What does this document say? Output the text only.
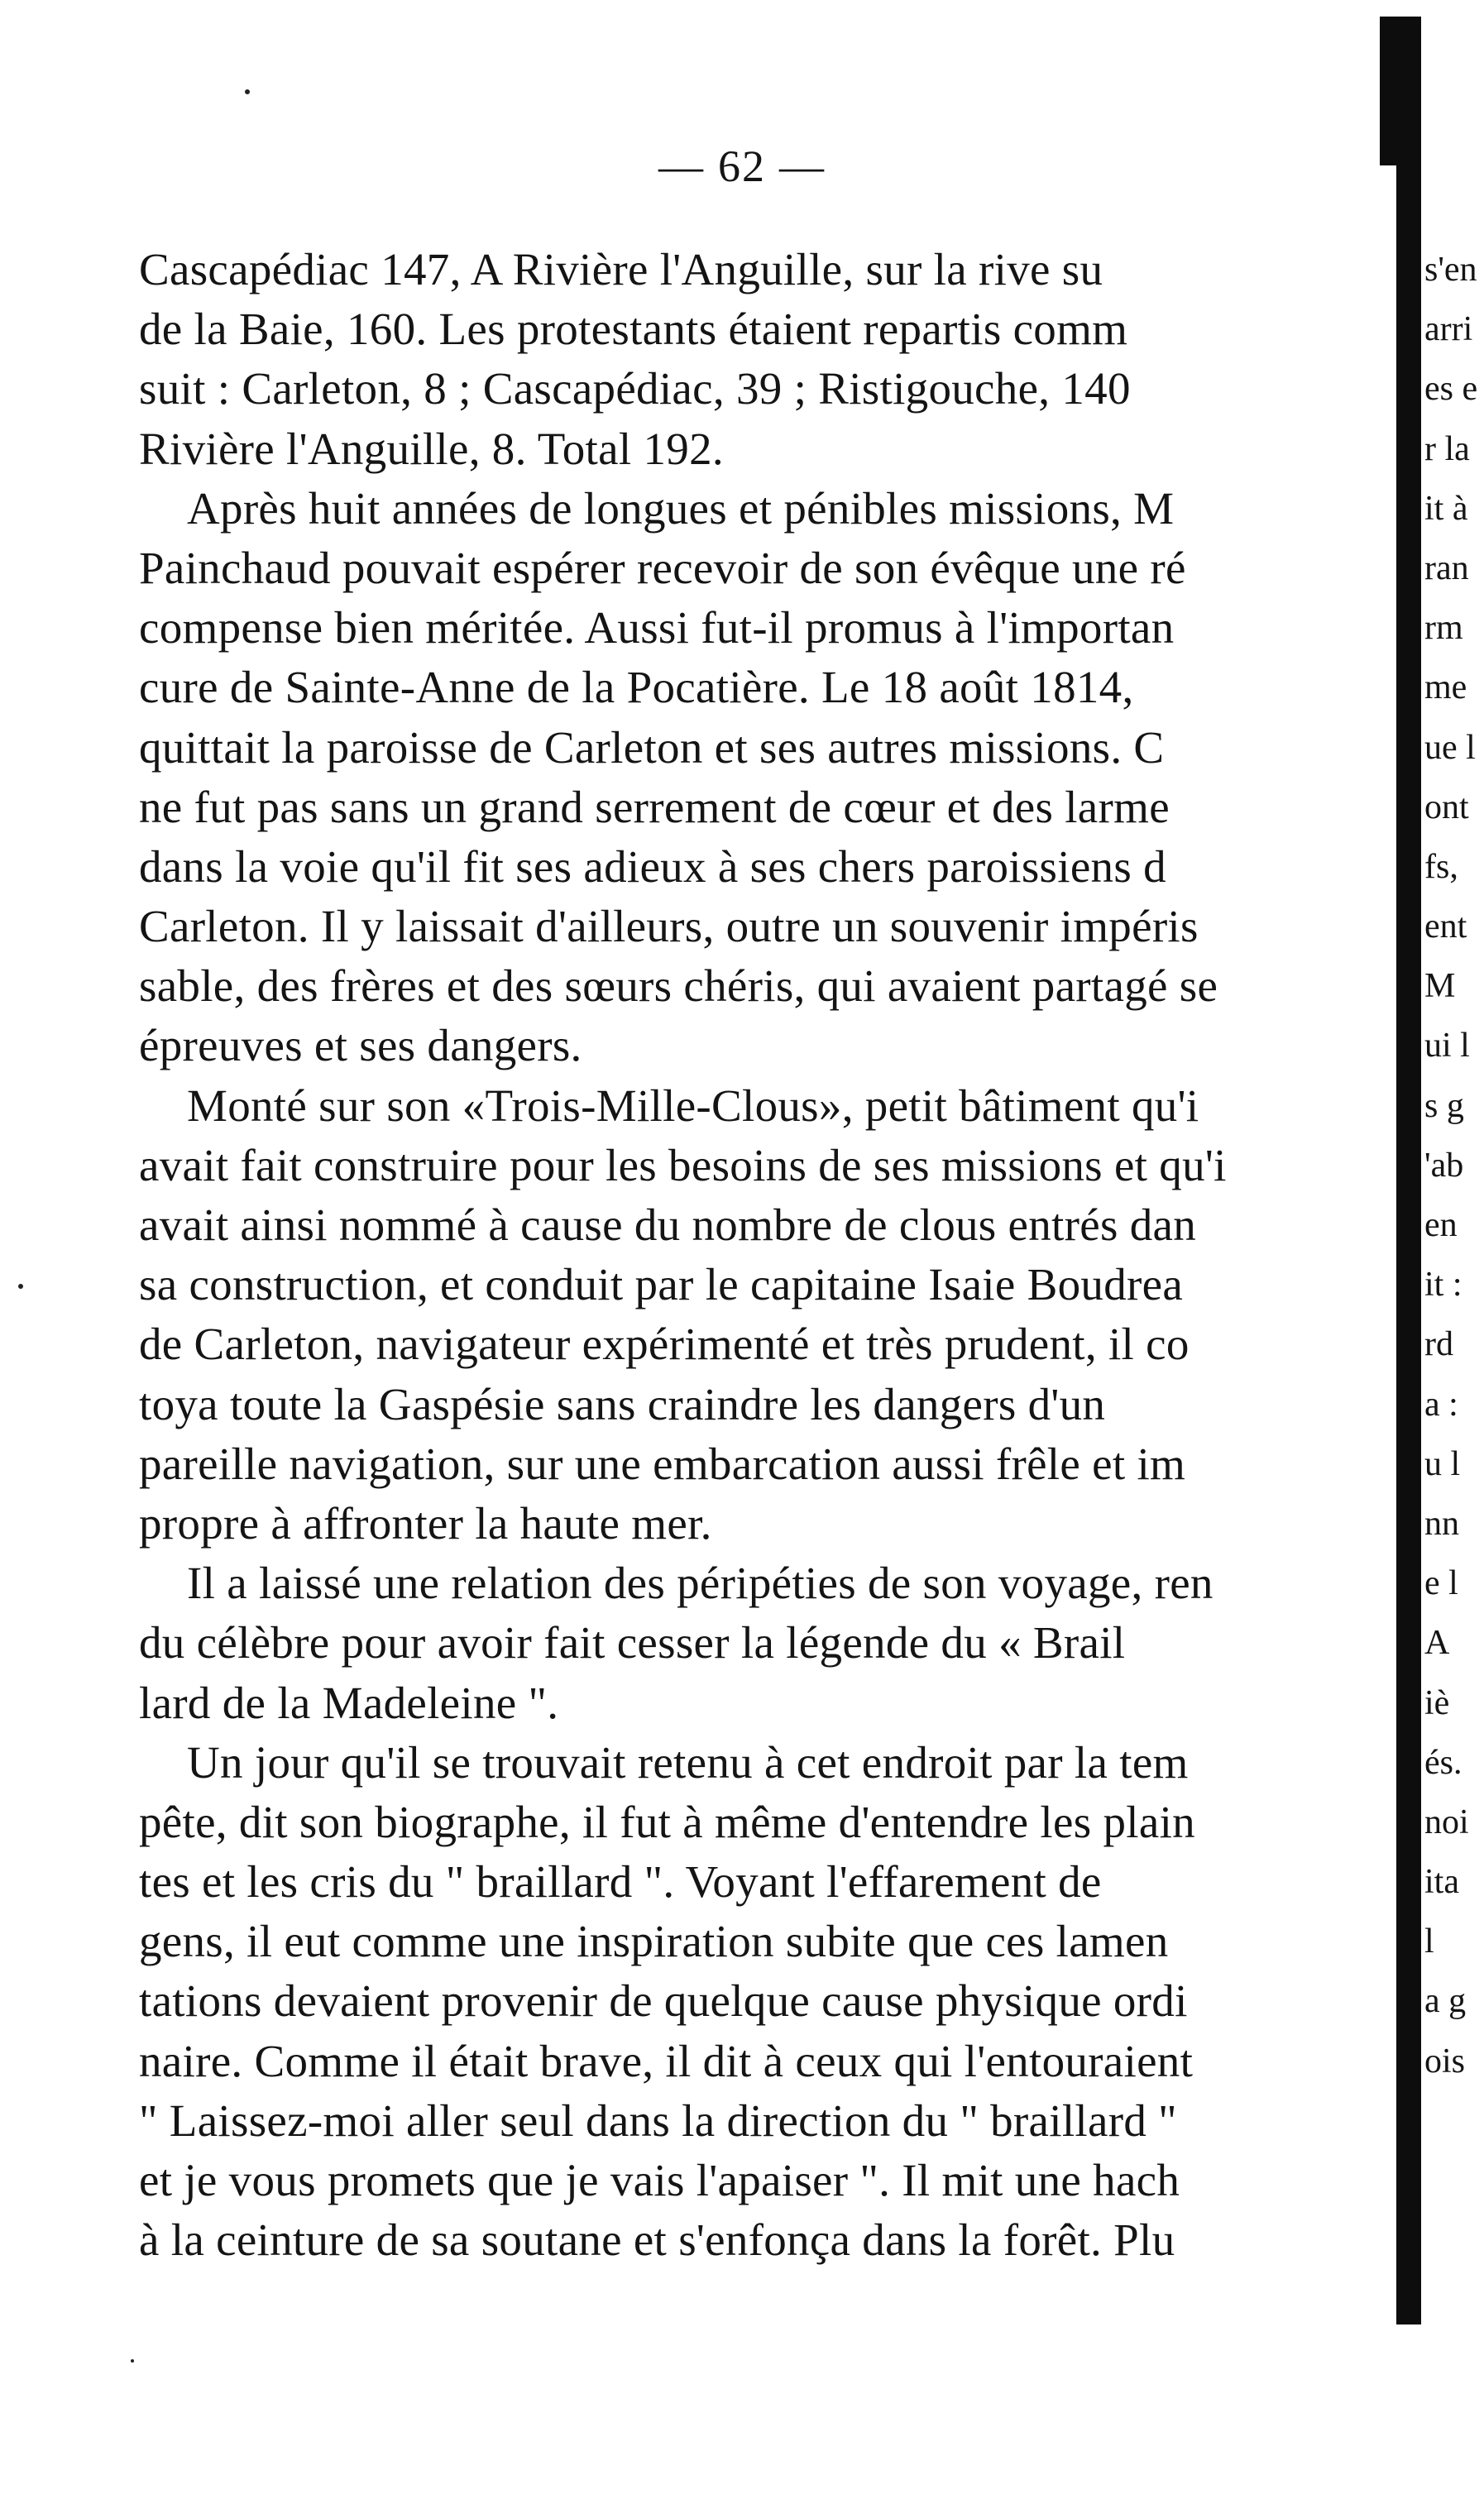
— 62 —
Cascapédiac 147, A Rivière l'Anguille, sur la rive su
de la Baie, 160. Les protestants étaient repartis comm
suit : Carleton, 8 ; Cascapédiac, 39 ; Ristigouche, 140
Rivière l'Anguille, 8. Total 192.
Après huit années de longues et pénibles missions, M
Painchaud pouvait espérer recevoir de son évêque une ré
compense bien méritée. Aussi fut-il promus à l'importan
cure de Sainte-Anne de la Pocatière. Le 18 août 1814,
quittait la paroisse de Carleton et ses autres missions. C
ne fut pas sans un grand serrement de cœur et des larme
dans la voie qu'il fit ses adieux à ses chers paroissiens d
Carleton. Il y laissait d'ailleurs, outre un souvenir impéris
sable, des frères et des sœurs chéris, qui avaient partagé se
épreuves et ses dangers.
Monté sur son «Trois-Mille-Clous», petit bâtiment qu'i
avait fait construire pour les besoins de ses missions et qu'i
avait ainsi nommé à cause du nombre de clous entrés dan
sa construction, et conduit par le capitaine Isaie Boudrea
de Carleton, navigateur expérimenté et très prudent, il co
toya toute la Gaspésie sans craindre les dangers d'un
pareille navigation, sur une embarcation aussi frêle et im
propre à affronter la haute mer.
Il a laissé une relation des péripéties de son voyage, ren
du célèbre pour avoir fait cesser la légende du « Brail
lard de la Madeleine ".
Un jour qu'il se trouvait retenu à cet endroit par la tem
pête, dit son biographe, il fut à même d'entendre les plain
tes et les cris du " braillard ". Voyant l'effarement de
gens, il eut comme une inspiration subite que ces lamen
tations devaient provenir de quelque cause physique ordi
naire. Comme il était brave, il dit à ceux qui l'entouraient
" Laissez-moi aller seul dans la direction du " braillard "
et je vous promets que je vais l'apaiser ". Il mit une hach
à la ceinture de sa soutane et s'enfonça dans la forêt. Plu
s'en
arri
es e
r la
it à
ran
rm
me
ue l
ont
fs,
ent
M
ui l
s g
'ab
en
it :
rd
a :
u l
nn
e l
A
iè
és.
noi
ita
l
a g
ois
